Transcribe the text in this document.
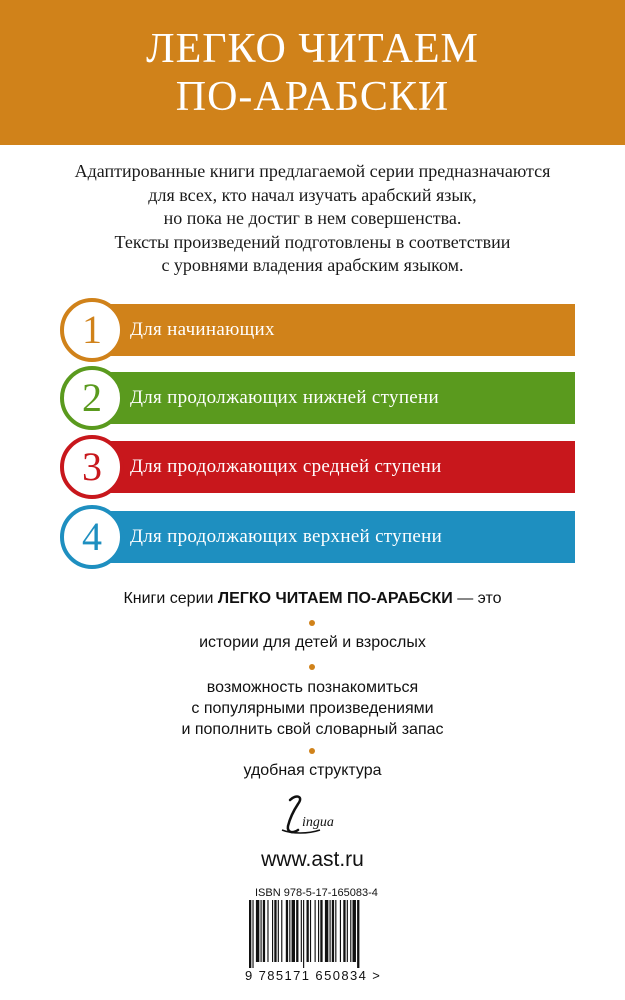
ЛЕГКО ЧИТАЕМ
ПО-АРАБСКИ
Адаптированные книги предлагаемой серии предназначаются
для всех, кто начал изучать арабский язык,
но пока не достиг в нем совершенства.
Тексты произведений подготовлены в соответствии
с уровнями владения арабским языком.
1	Для начинающих
2	Для продолжающих нижней ступени
3	Для продолжающих средней ступени
4	Для продолжающих верхней ступени
Книги серии ЛЕГКО ЧИТАЕМ ПО-АРАБСКИ — это
истории для детей и взрослых
возможность познакомиться
с популярными произведениями
и пополнить свой словарный запас
удобная структура
ingua
www.ast.ru
ISBN 978-5-17-165083-4
9 785171 650834 >
